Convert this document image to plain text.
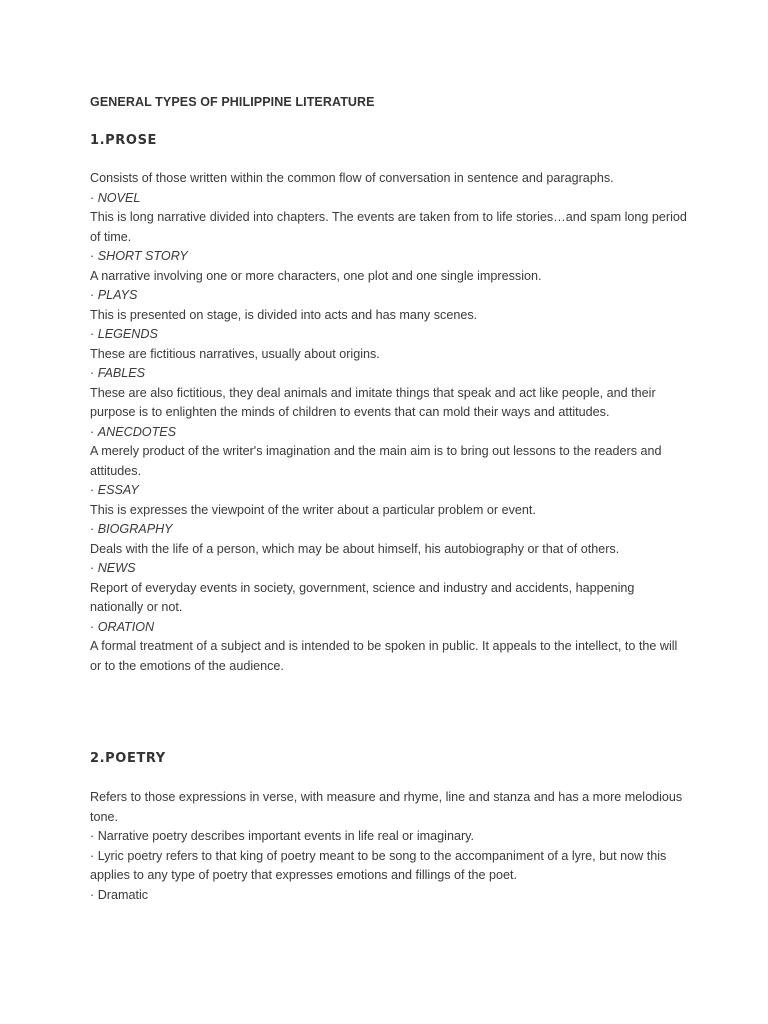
GENERAL TYPES OF PHILIPPINE LITERATURE
1.PROSE

Consists of those written within the common flow of conversation in sentence and paragraphs.

· NOVEL

This is long narrative divided into chapters. The events are taken from to life stories…and spam long period of time.

· SHORT STORY

A narrative involving one or more characters, one plot and one single impression.

· PLAYS

This is presented on stage, is divided into acts and has many scenes.

· LEGENDS

These are fictitious narratives, usually about origins.

· FABLES

These are also fictitious, they deal animals and imitate things that speak and act like people, and their purpose is to enlighten the minds of children to events that can mold their ways and attitudes.

· ANECDOTES

A merely product of the writer's imagination and the main aim is to bring out lessons to the readers and attitudes.

· ESSAY

This is expresses the viewpoint of the writer about a particular problem or event.

· BIOGRAPHY

Deals with the life of a person, which may be about himself, his autobiography or that of others.

· NEWS

Report of everyday events in society, government, science and industry and accidents, happening nationally or not.

· ORATION

A formal treatment of a subject and is intended to be spoken in public. It appeals to the intellect, to the will or to the emotions of the audience.

2.POETRY

Refers to those expressions in verse, with measure and rhyme, line and stanza and has a more melodious tone.

· Narrative poetry describes important events in life real or imaginary.

· Lyric poetry refers to that king of poetry meant to be song to the accompaniment of a lyre, but now this applies to any type of poetry that expresses emotions and fillings of the poet.

· Dramatic
